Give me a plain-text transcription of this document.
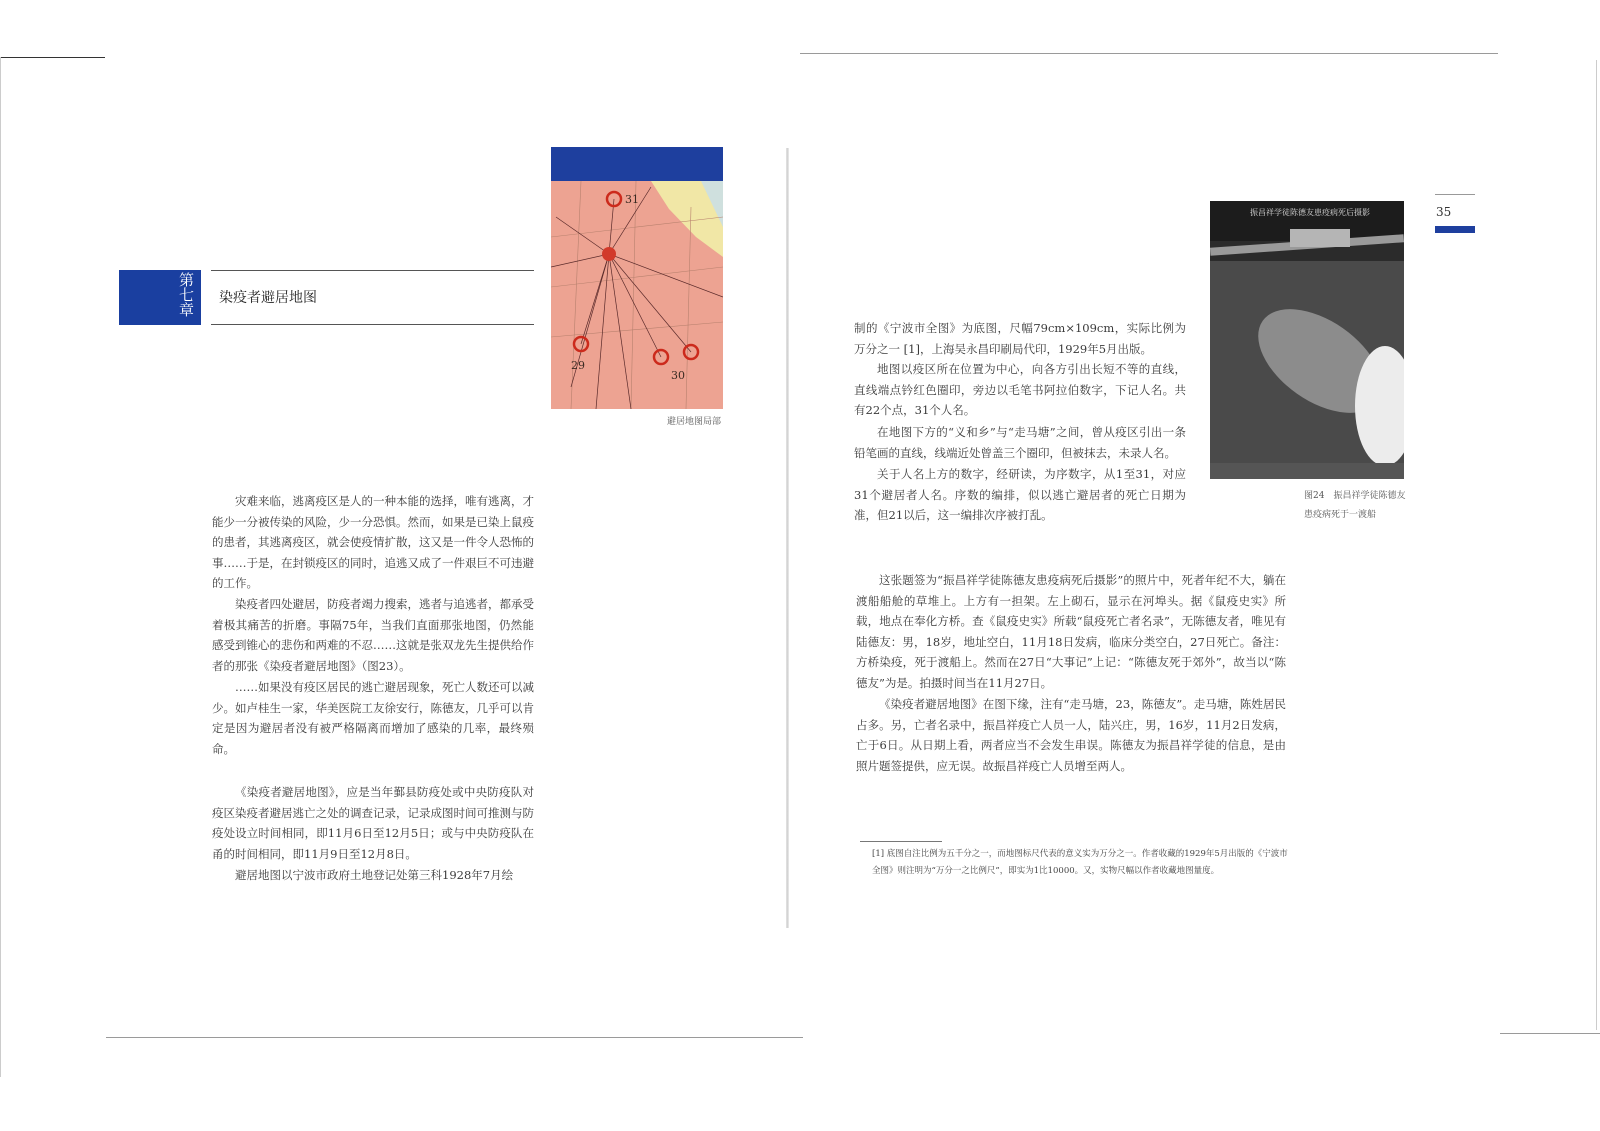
第七章 染疫者避居地图
31
29
30
避居地图局部

灾难来临，逃离疫区是人的一种本能的选择，唯有逃离，才能少一分被传染的风险，少一分恐惧。然而，如果是已染上鼠疫的患者，其逃离疫区，就会使疫情扩散，这又是一件令人恐怖的事……于是，在封锁疫区的同时，追逃又成了一件艰巨不可违避的工作。

染疫者四处避居，防疫者竭力搜索，逃者与追逃者，都承受着极其痛苦的折磨。事隔75年，当我们直面那张地图，仍然能感受到锥心的悲伤和两难的不忍……这就是张双龙先生提供给作者的那张《染疫者避居地图》（图23）。

……如果没有疫区居民的逃亡避居现象，死亡人数还可以减少。如卢桂生一家，华美医院工友徐安行，陈德友，几乎可以肯定是因为避居者没有被严格隔离而增加了感染的几率，最终殒命。

《染疫者避居地图》，应是当年鄞县防疫处或中央防疫队对疫区染疫者避居逃亡之处的调查记录，记录成图时间可推测与防疫处设立时间相同，即11月6日至12月5日；或与中央防疫队在甬的时间相同，即11月9日至12月8日。

避居地图以宁波市政府土地登记处第三科1928年7月绘

35
振昌祥学徒陈德友患疫病死后摄影
图24　振昌祥学徒陈德友
患疫病死于一渡船

制的《宁波市全图》为底图，尺幅79cm×109cm，实际比例为万分之一 [1]，上海吴永昌印刷局代印，1929年5月出版。

地图以疫区所在位置为中心，向各方引出长短不等的直线，直线端点钤红色圈印，旁边以毛笔书阿拉伯数字，下记人名。共有22个点，31个人名。

在地图下方的“义和乡”与“走马塘”之间，曾从疫区引出一条铅笔画的直线，线端近处曾盖三个圈印，但被抹去，未录人名。

关于人名上方的数字，经研读，为序数字，从1至31，对应31个避居者人名。序数的编排，似以逃亡避居者的死亡日期为准，但21以后，这一编排次序被打乱。

这张题签为“振昌祥学徒陈德友患疫病死后摄影”的照片中，死者年纪不大，躺在渡船船舱的草堆上。上方有一担架。左上砌石，显示在河埠头。据《鼠疫史实》所载，地点在奉化方桥。查《鼠疫史实》所载“鼠疫死亡者名录”，无陈德友者，唯见有陆德友：男，18岁，地址空白，11月18日发病，临床分类空白，27日死亡。备注：方桥染疫，死于渡船上。然而在27日“大事记”上记：“陈德友死于郊外”，故当以“陈德友”为是。拍摄时间当在11月27日。

《染疫者避居地图》在图下缘，注有“走马塘，23，陈德友”。走马塘，陈姓居民占多。另，亡者名录中，振昌祥疫亡人员一人，陆兴庄，男，16岁，11月2日发病，亡于6日。从日期上看，两者应当不会发生串误。陈德友为振昌祥学徒的信息，是由照片题签提供，应无误。故振昌祥疫亡人员增至两人。

[1] 底图自注比例为五千分之一，而地图标尺代表的意义实为万分之一。作者收藏的1929年5月出版的《宁波市全图》则注明为“万分一之比例尺”，即实为1比10000。又，实物尺幅以作者收藏地图量度。
